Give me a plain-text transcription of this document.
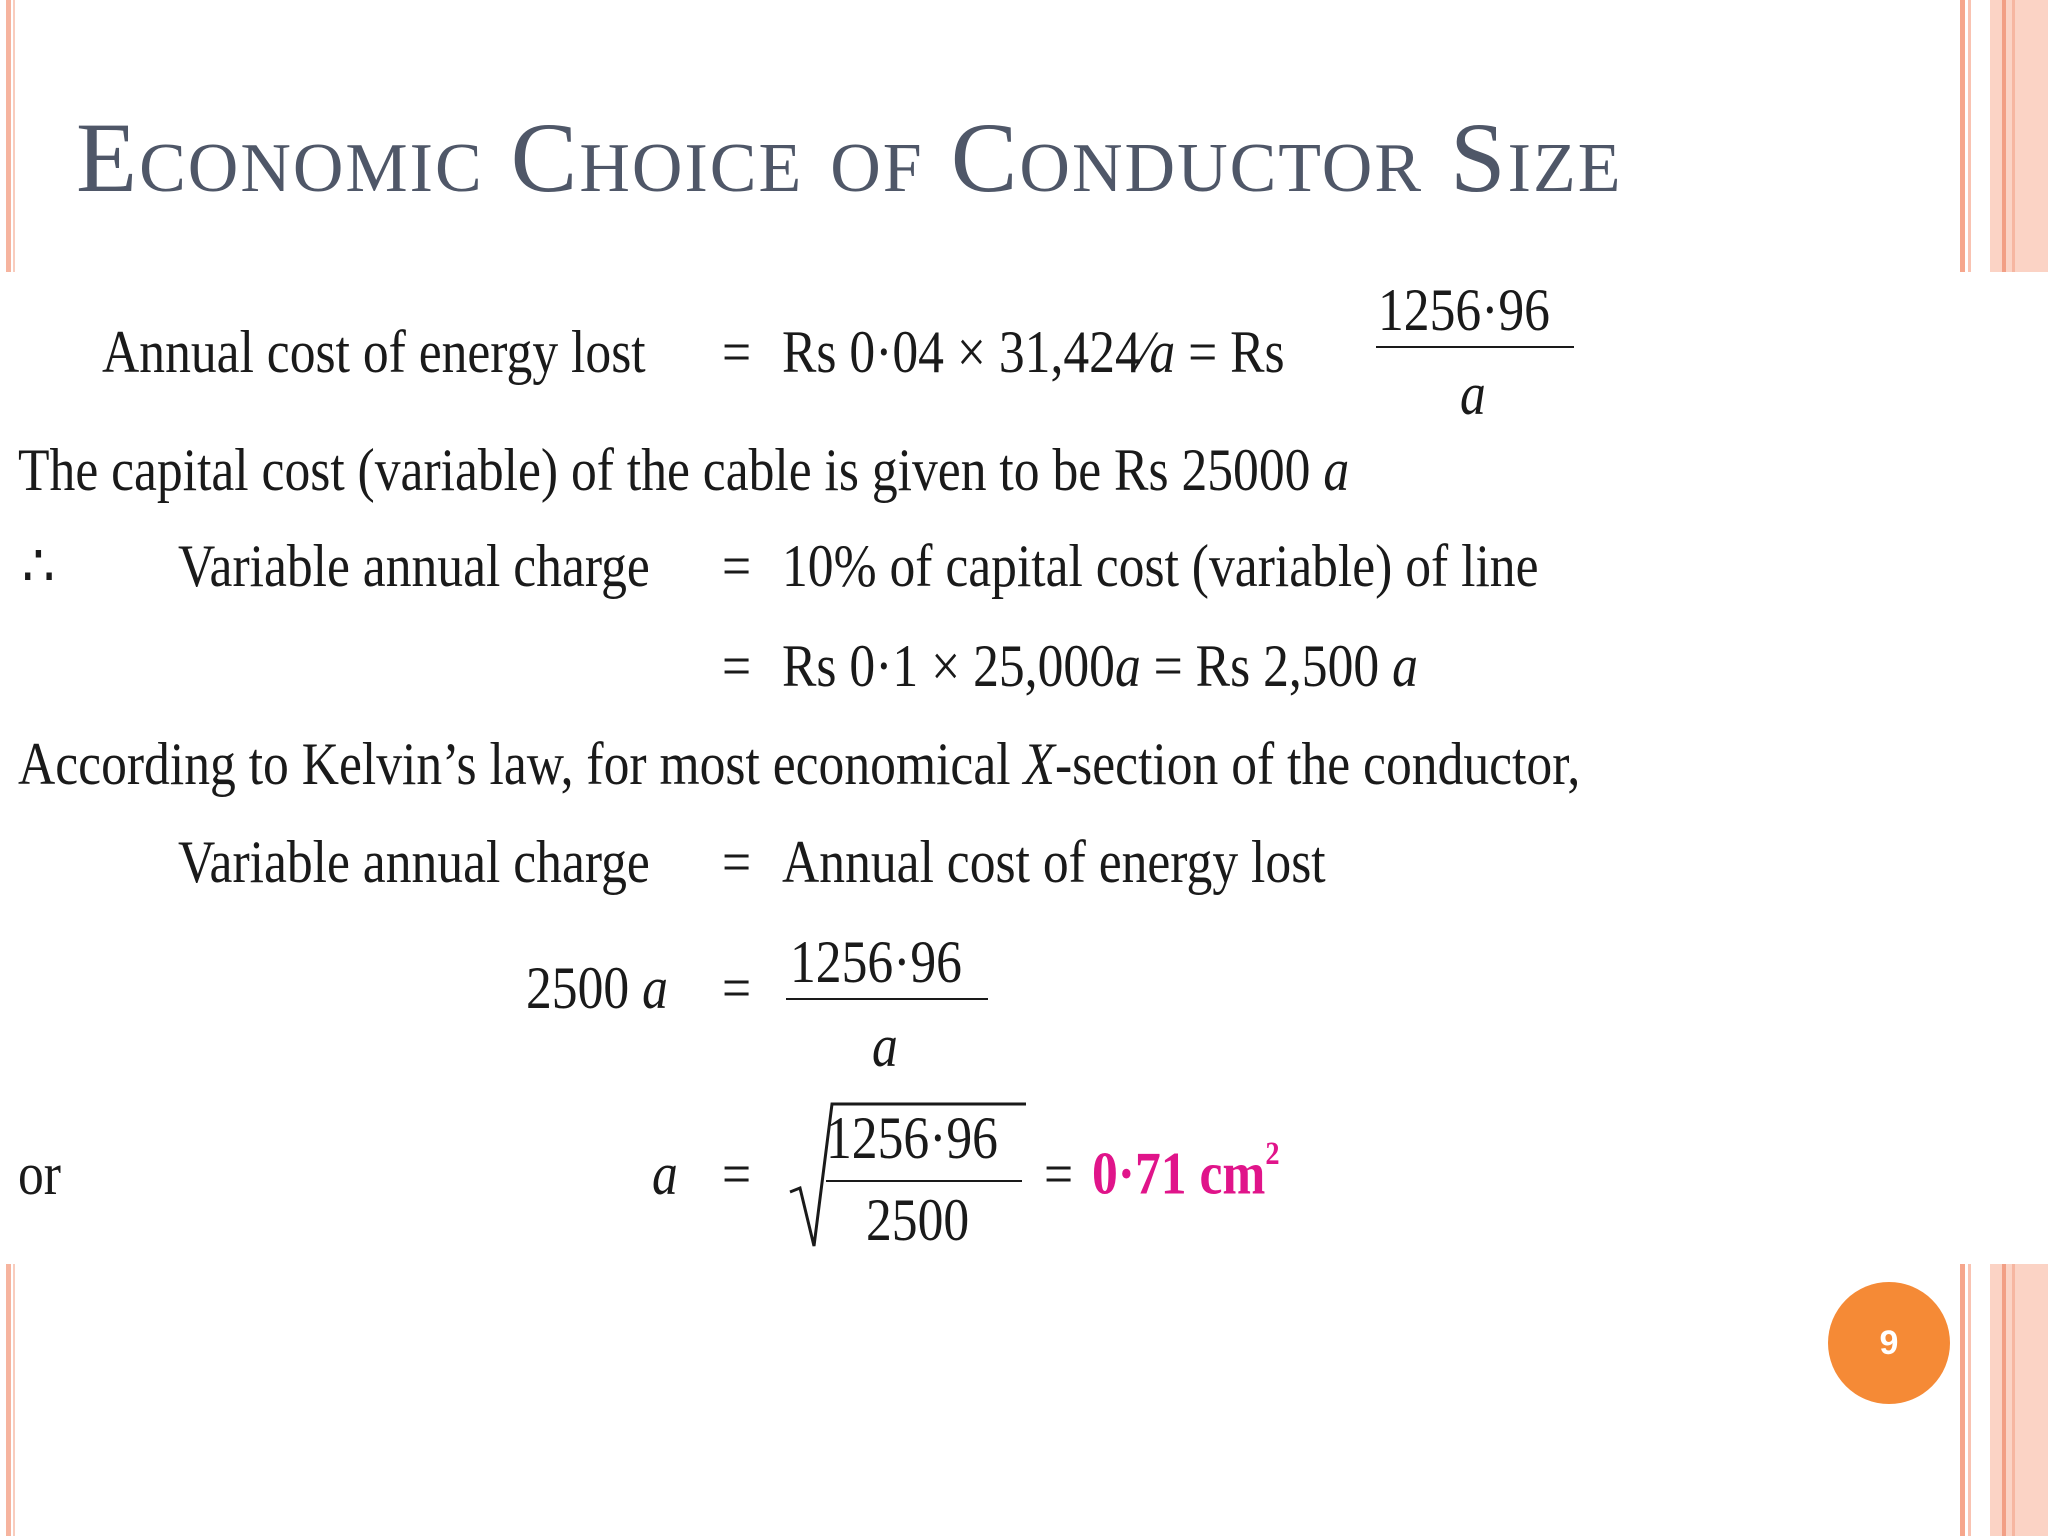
Economic Choice of Conductor Size
Annual cost of energy lost = Rs 0·04 × 31,424⁄a = Rs
1256·96
a
The capital cost (variable) of the cable is given to be Rs 25000 a
∴ Variable annual charge = 10% of capital cost (variable) of line
= Rs 0·1 × 25,000a = Rs 2,500 a
According to Kelvin’s law, for most economical X-section of the conductor,
Variable annual charge = Annual cost of energy lost
2500 a = 1256·96
a
or	a =
1256·96
2500
= 0·71 $cm^2$
9
